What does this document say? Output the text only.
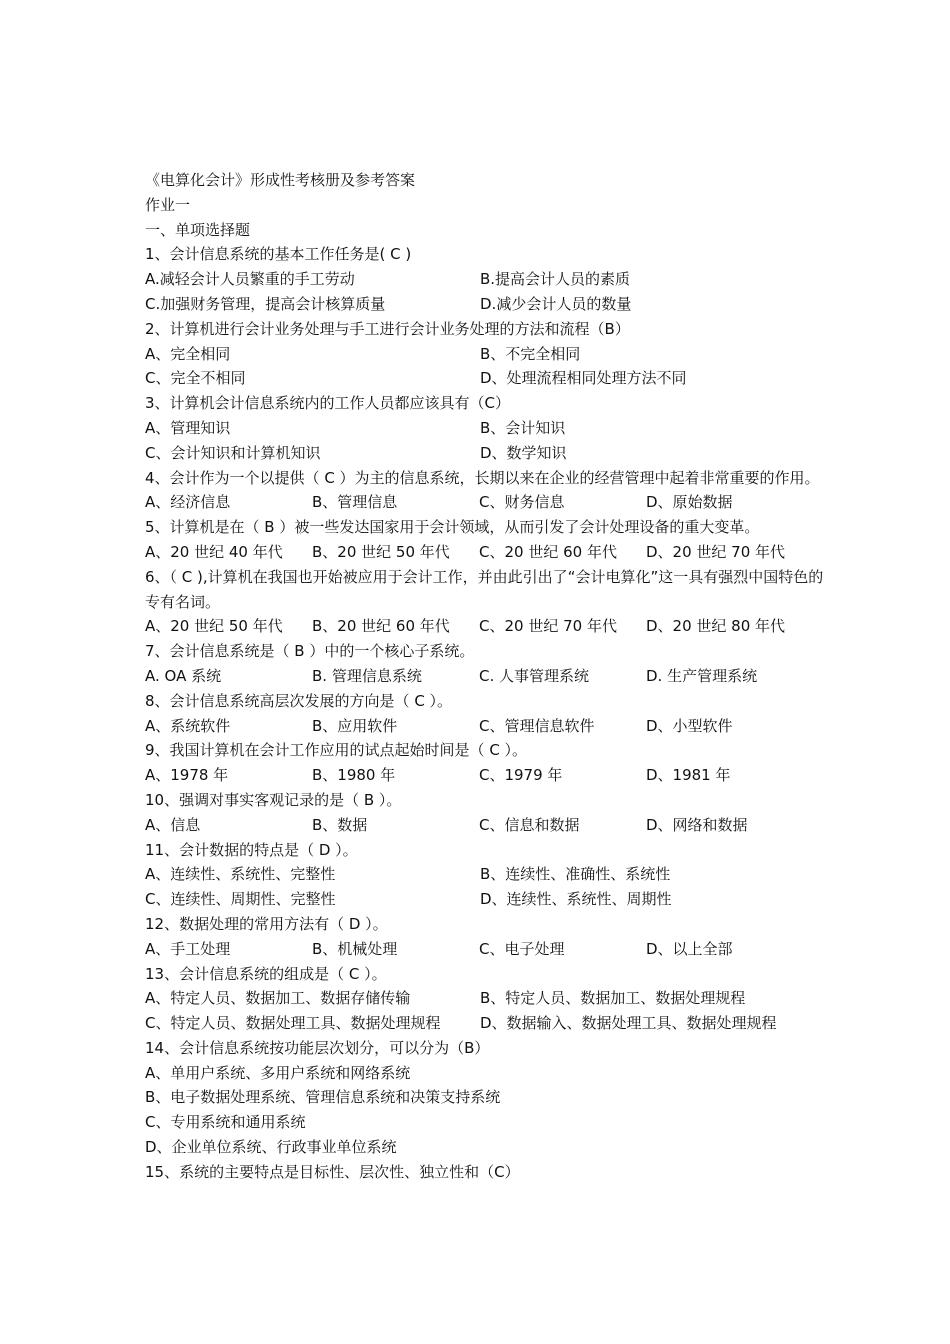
《电算化会计》形成性考核册及参考答案
作业一
一、单项选择题
1、会计信息系统的基本工作任务是( C )
A.减轻会计人员繁重的手工劳动	B.提高会计人员的素质
C.加强财务管理，提高会计核算质量	D.减少会计人员的数量
2、计算机进行会计业务处理与手工进行会计业务处理的方法和流程（B）
A、完全相同	B、不完全相同
C、完全不相同	D、处理流程相同处理方法不同
3、计算机会计信息系统内的工作人员都应该具有（C）
A、管理知识	B、会计知识
C、会计知识和计算机知识	D、数学知识
4、会计作为一个以提供（ C ）为主的信息系统，长期以来在企业的经营管理中起着非常重要的作用。
A、经济信息	B、管理信息	C、财务信息	D、原始数据
5、计算机是在（ B ）被一些发达国家用于会计领域，从而引发了会计处理设备的重大变革。
A、20 世纪 40 年代	B、20 世纪 50 年代	C、20 世纪 60 年代	D、20 世纪 70 年代
6、（ C ),计算机在我国也开始被应用于会计工作，并由此引出了“会计电算化”这一具有强烈中国特色的专有名词。
A、20 世纪 50 年代	B、20 世纪 60 年代	C、20 世纪 70 年代	D、20 世纪 80 年代
7、会计信息系统是（ B ）中的一个核心子系统。
A. OA 系统	B. 管理信息系统	C. 人事管理系统	D. 生产管理系统
8、会计信息系统高层次发展的方向是（ C ）。
A、系统软件	B、应用软件	C、管理信息软件	D、小型软件
9、我国计算机在会计工作应用的试点起始时间是（ C ）。
A、1978 年	B、1980 年	C、1979 年	D、1981 年
10、强调对事实客观记录的是（ B ）。
A、信息	B、数据	C、信息和数据	D、网络和数据
11、会计数据的特点是（ D ）。
A、连续性、系统性、完整性	B、连续性、准确性、系统性
C、连续性、周期性、完整性	D、连续性、系统性、周期性
12、数据处理的常用方法有（ D ）。
A、手工处理	B、机械处理	C、电子处理	D、以上全部
13、会计信息系统的组成是（ C ）。
A、特定人员、数据加工、数据存储传输	B、特定人员、数据加工、数据处理规程
C、特定人员、数据处理工具、数据处理规程	D、数据输入、数据处理工具、数据处理规程
14、会计信息系统按功能层次划分，可以分为（B）
A、单用户系统、多用户系统和网络系统
B、电子数据处理系统、管理信息系统和决策支持系统
C、专用系统和通用系统
D、企业单位系统、行政事业单位系统
15、系统的主要特点是目标性、层次性、独立性和（C）
